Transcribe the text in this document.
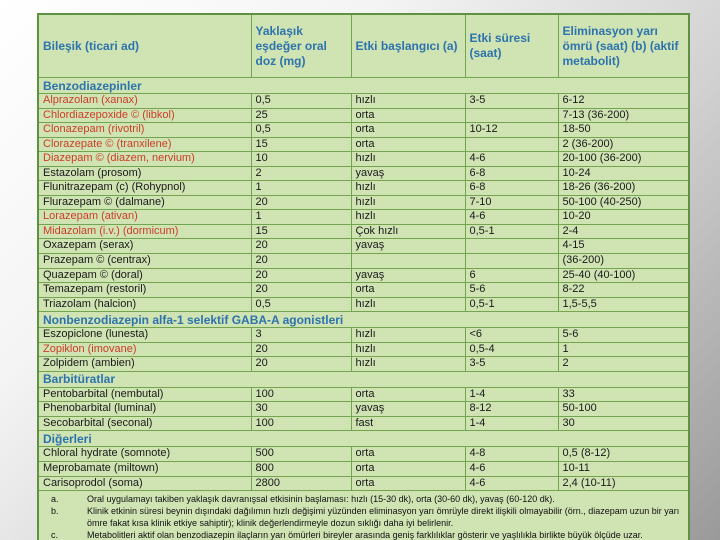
Bileşik (ticari ad)	Yaklaşık eşdeğer oral doz (mg)	Etki başlangıcı (a)	Etki süresi (saat)	Eliminasyon yarı ömrü (saat) (b) (aktif metabolit)
Benzodiazepinler				
Alprazolam (xanax)	0,5	hızlı	3-5	6-12
Chlordiazepoxide © (libkol)	25	orta		7-13 (36-200)
Clonazepam (rivotril)	0,5	orta	10-12	18-50
Clorazepate © (tranxilene)	15	orta		2 (36-200)
Diazepam © (diazem, nervium)	10	hızlı	4-6	20-100 (36-200)
Estazolam (prosom)	2	yavaş	6-8	10-24
Flunitrazepam (c) (Rohypnol)	1	hızlı	6-8	18-26 (36-200)
Flurazepam © (dalmane)	20	hızlı	7-10	50-100 (40-250)
Lorazepam (ativan)	1	hızlı	4-6	10-20
Midazolam (i.v.) (dormicum)	15	Çok hızlı	0,5-1	2-4
Oxazepam (serax)	20	yavaş		4-15
Prazepam © (centrax)	20			(36-200)
Quazepam © (doral)	20	yavaş	6	25-40 (40-100)
Temazepam (restoril)	20	orta	5-6	8-22
Triazolam (halcion)	0,5	hızlı	0,5-1	1,5-5,5
Nonbenzodiazepin alfa-1 selektif GABA-A agonistleri				
Eszopiclone (lunesta)	3	hızlı	<6	5-6
Zopiklon (imovane)	20	hızlı	0,5-4	1
Zolpidem (ambien)	20	hızlı	3-5	2
Barbitüratlar				
Pentobarbital (nembutal)	100	orta	1-4	33
Phenobarbital (luminal)	30	yavaş	8-12	50-100
Secobarbital (seconal)	100	fast	1-4	30
Diğerleri				
Chloral hydrate (somnote)	500	orta	4-8	0,5 (8-12)
Meprobamate (miltown)	800	orta	4-6	10-11
Carisoprodol (soma)	2800	orta	4-6	2,4 (10-11)

a.	Oral uygulamayı takiben yaklaşık davranışsal etkisinin başlaması: hızlı (15-30 dk), orta (30-60 dk), yavaş (60-120 dk).
b.	Klinik etkinin süresi beynin dışındaki dağılımın hızlı değişimi yüzünden eliminasyon yarı ömrüyle direkt ilişkili olmayabilir (örn., diazepam uzun bir yarı ömre fakat kısa klinik etkiye sahiptir); klinik değerlendirmeyle dozun sıklığı daha iyi belirlenir.
c.	Metabolitleri aktif olan benzodiazepin ilaçların yarı ömürleri bireyler arasında geniş farklılıklar gösterir ve yaşlılıkla birlikte büyük ölçüde uzar.
